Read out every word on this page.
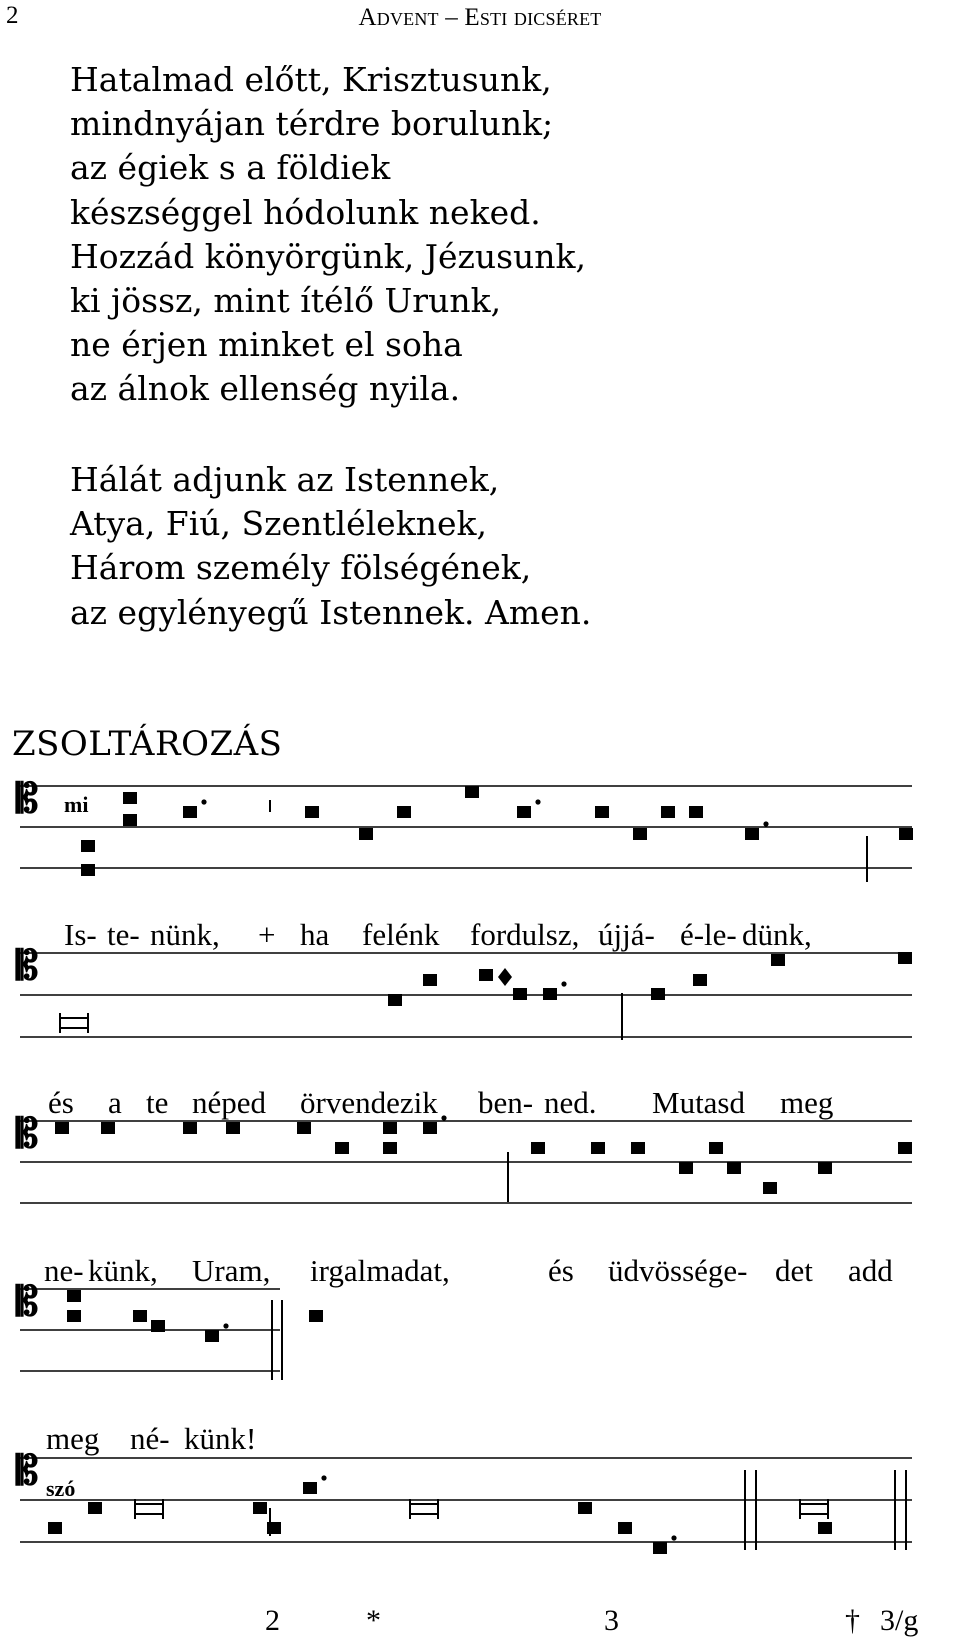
2	Advent – Esti dicséret
Hatalmad előtt, Krisztusunk,
mindnyájan térdre borulunk;
az égiek s a földiek
készséggel hódolunk neked.
Hozzád könyörgünk, Jézusunk,
ki jössz, mint ítélő Urunk,
ne érjen minket el soha
az álnok ellenség nyila.
Hálát adjunk az Istennek,
Atya, Fiú, Szentléleknek,
Három személy fölségének,
az egylényegű Istennek. Amen.
ZSOLTÁROZÁS
𝄡
𝄡
𝄡
𝄡
𝄡
mi
szó
Is- te- nünk, + ha felénk fordulsz, újjá- é- le- dünk,
és a te néped örvendezik ben- ned. Mutasd meg
ne- künk, Uram, irgalmadat,	és üdvössége- det add
meg né- künk!
2	*	3	† 3/g
